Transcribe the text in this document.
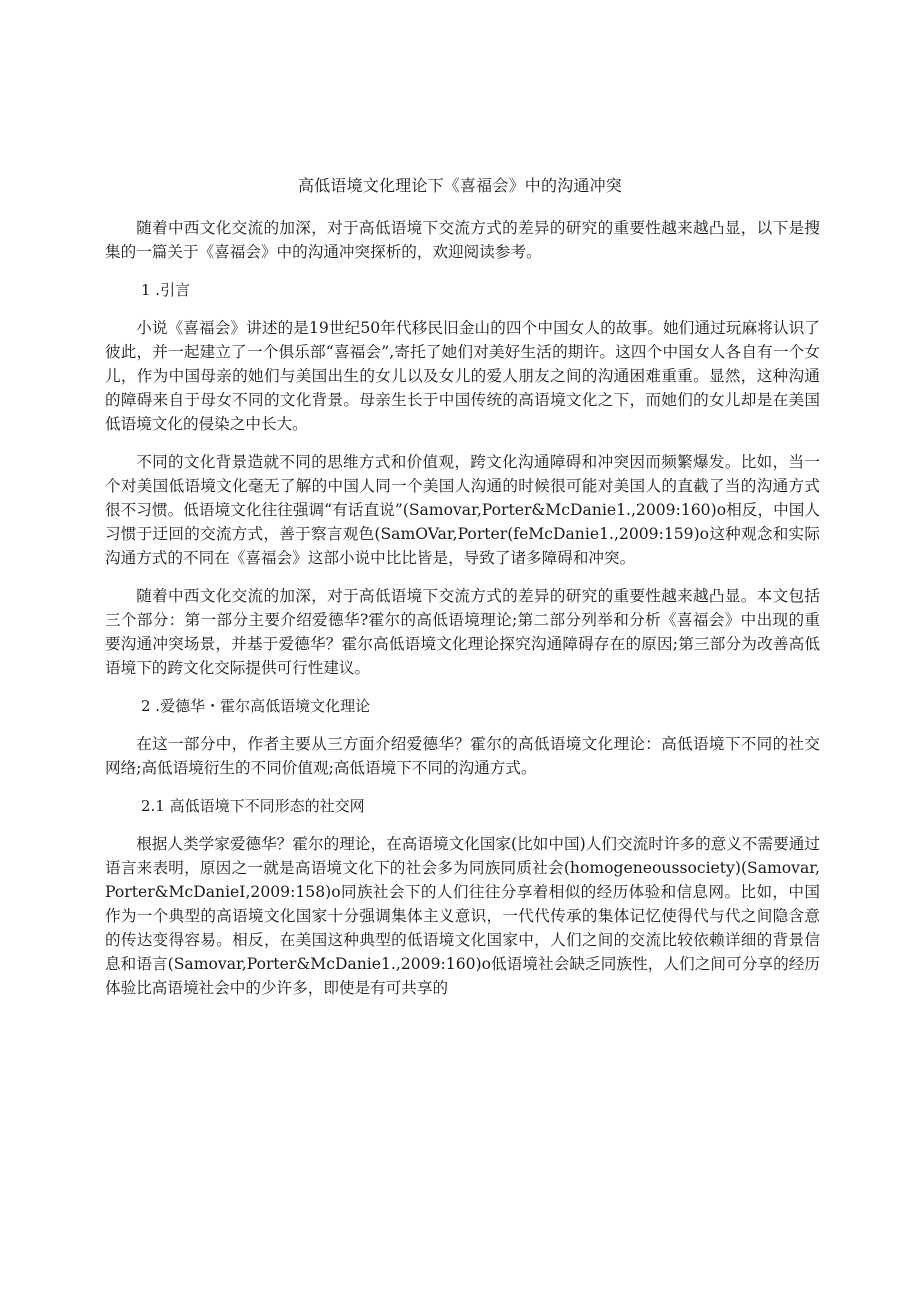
高低语境文化理论下《喜福会》中的沟通冲突

随着中西文化交流的加深，对于高低语境下交流方式的差异的研究的重要性越来越凸显，以下是搜集的一篇关于《喜福会》中的沟通冲突探析的，欢迎阅读参考。

1 .引言

小说《喜福会》讲述的是19世纪50年代移民旧金山的四个中国女人的故事。她们通过玩麻将认识了彼此，并一起建立了一个俱乐部“喜福会”,寄托了她们对美好生活的期许。这四个中国女人各自有一个女儿，作为中国母亲的她们与美国出生的女儿以及女儿的爱人朋友之间的沟通困难重重。显然，这种沟通的障碍来自于母女不同的文化背景。母亲生长于中国传统的高语境文化之下，而她们的女儿却是在美国低语境文化的侵染之中长大。

不同的文化背景造就不同的思维方式和价值观，跨文化沟通障碍和冲突因而频繁爆发。比如，当一个对美国低语境文化毫无了解的中国人同一个美国人沟通的时候很可能对美国人的直截了当的沟通方式很不习惯。低语境文化往往强调“有话直说”(Samovar,Porter&McDanie1.,2009:160)o相反，中国人习惯于迂回的交流方式，善于察言观色(SamOVar,Porter(feMcDanie1.,2009:159)o这种观念和实际沟通方式的不同在《喜福会》这部小说中比比皆是，导致了诸多障碍和冲突。

随着中西文化交流的加深，对于高低语境下交流方式的差异的研究的重要性越来越凸显。本文包括三个部分：第一部分主要介绍爱德华?霍尔的高低语境理论;第二部分列举和分析《喜福会》中出现的重要沟通冲突场景，并基于爱德华？霍尔高低语境文化理论探究沟通障碍存在的原因;第三部分为改善高低语境下的跨文化交际提供可行性建议。

2 .爱德华・霍尔高低语境文化理论

在这一部分中，作者主要从三方面介绍爱德华？霍尔的高低语境文化理论：高低语境下不同的社交网络;高低语境衍生的不同价值观;高低语境下不同的沟通方式。

2.1 高低语境下不同形态的社交网

根据人类学家爱德华？霍尔的理论，在高语境文化国家(比如中国)人们交流时许多的意义不需要通过语言来表明，原因之一就是高语境文化下的社会多为同族同质社会(homogeneoussociety)(Samovar,Porter&McDanieI,2009:158)o同族社会下的人们往往分享着相似的经历体验和信息网。比如，中国作为一个典型的高语境文化国家十分强调集体主义意识，一代代传承的集体记忆使得代与代之间隐含意的传达变得容易。相反，在美国这种典型的低语境文化国家中，人们之间的交流比较依赖详细的背景信息和语言(Samovar,Porter&McDanie1.,2009:160)o低语境社会缺乏同族性，人们之间可分享的经历体验比高语境社会中的少许多，即使是有可共享的
